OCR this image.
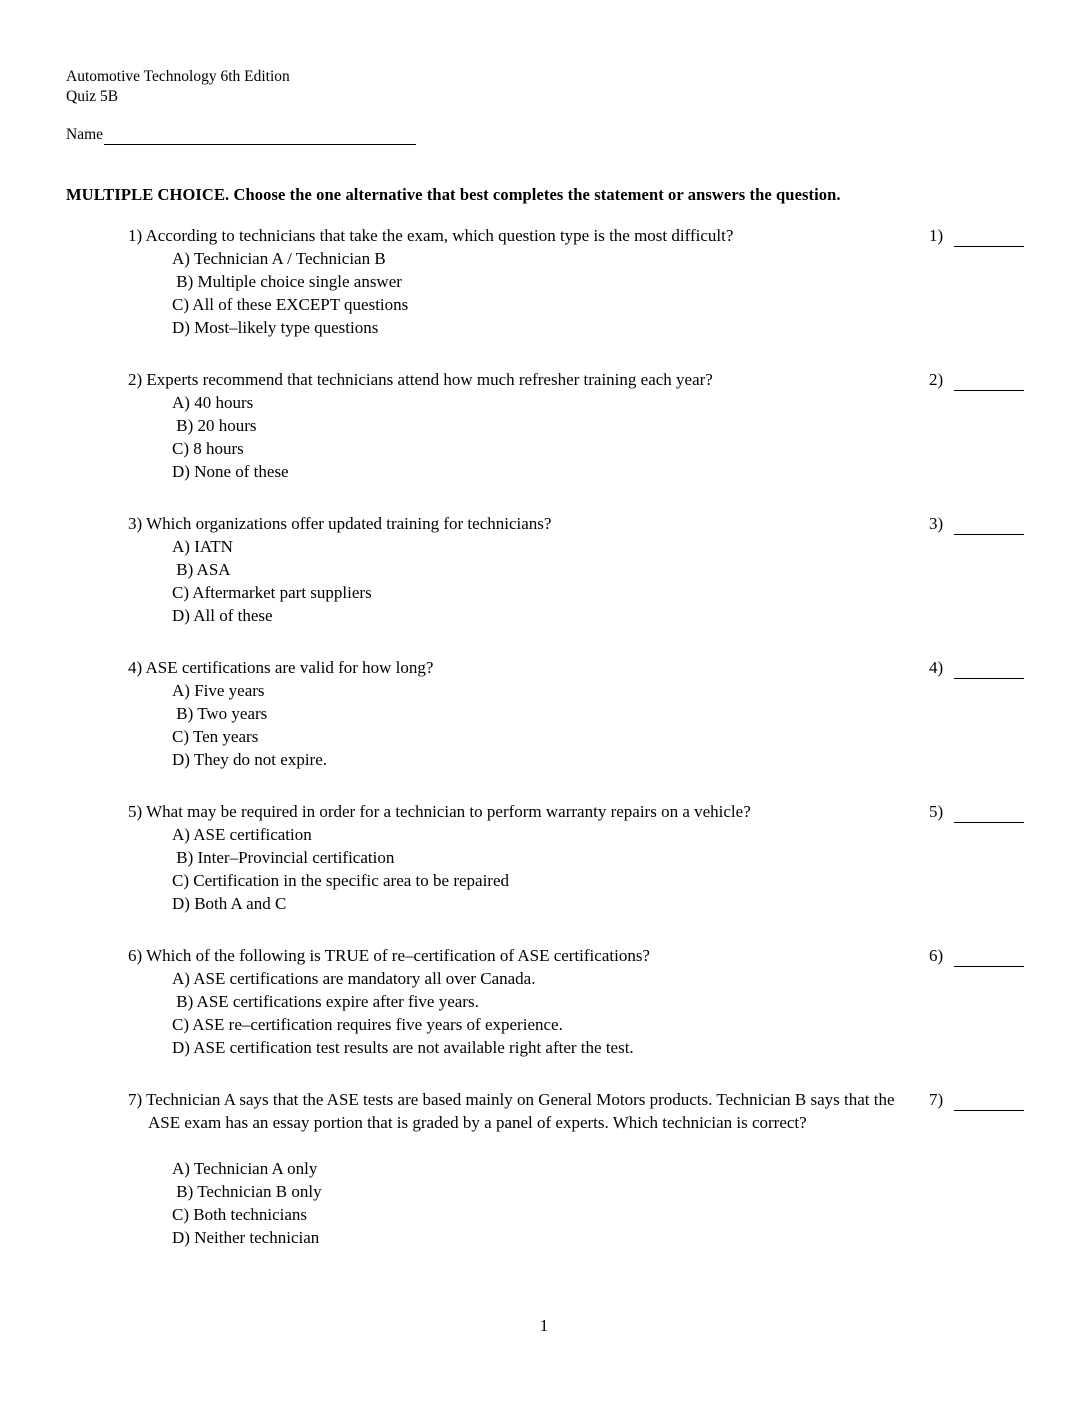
Automotive Technology 6th Edition
Quiz 5B
Name
MULTIPLE CHOICE. Choose the one alternative that best completes the statement or answers the question.
1) According to technicians that take the exam, which question type is the most difficult?
A) Technician A / Technician B
B) Multiple choice single answer
C) All of these EXCEPT questions
D) Most–likely type questions
1)
2) Experts recommend that technicians attend how much refresher training each year?
A) 40 hours
B) 20 hours
C) 8 hours
D) None of these
2)
3) Which organizations offer updated training for technicians?
A) IATN
B) ASA
C) Aftermarket part suppliers
D) All of these
3)
4) ASE certifications are valid for how long?
A) Five years
B) Two years
C) Ten years
D) They do not expire.
4)
5) What may be required in order for a technician to perform warranty repairs on a vehicle?
A) ASE certification
B) Inter–Provincial certification
C) Certification in the specific area to be repaired
D) Both A and C
5)
6) Which of the following is TRUE of re–certification of ASE certifications?
A) ASE certifications are mandatory all over Canada.
B) ASE certifications expire after five years.
C) ASE re–certification requires five years of experience.
D) ASE certification test results are not available right after the test.
6)
7) Technician A says that the ASE tests are based mainly on General Motors products. Technician B says that the ASE exam has an essay portion that is graded by a panel of experts. Which technician is correct?
A) Technician A only
B) Technician B only
C) Both technicians
D) Neither technician
7)
1
